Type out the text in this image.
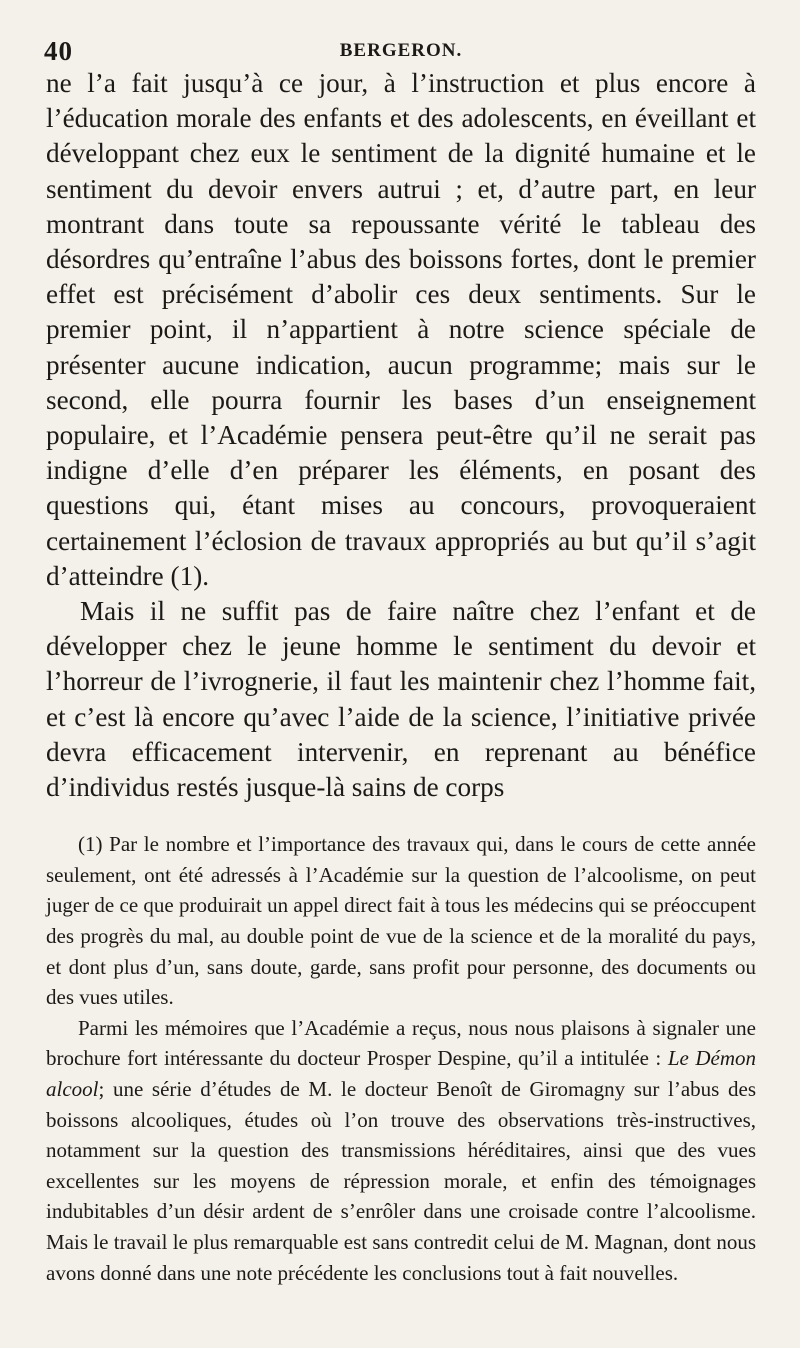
40	BERGERON.

ne l’a fait jusqu’à ce jour, à l’instruction et plus encore à l’éducation morale des enfants et des adolescents, en éveillant et développant chez eux le sentiment de la dignité humaine et le sentiment du devoir envers autrui ; et, d’autre part, en leur montrant dans toute sa repoussante vérité le tableau des désordres qu’entraîne l’abus des boissons fortes, dont le premier effet est précisément d’abolir ces deux sentiments. Sur le premier point, il n’appartient à notre science spéciale de présenter aucune indication, aucun programme; mais sur le second, elle pourra fournir les bases d’un enseignement populaire, et l’Académie pensera peut-être qu’il ne serait pas indigne d’elle d’en préparer les éléments, en posant des questions qui, étant mises au concours, provoqueraient certainement l’éclosion de travaux appropriés au but qu’il s’agit d’atteindre (1).

Mais il ne suffit pas de faire naître chez l’enfant et de développer chez le jeune homme le sentiment du devoir et l’horreur de l’ivrognerie, il faut les maintenir chez l’homme fait, et c’est là encore qu’avec l’aide de la science, l’initiative privée devra efficacement intervenir, en reprenant au bénéfice d’individus restés jusque-là sains de corps

(1) Par le nombre et l’importance des travaux qui, dans le cours de cette année seulement, ont été adressés à l’Académie sur la question de l’alcoolisme, on peut juger de ce que produirait un appel direct fait à tous les médecins qui se préoccupent des progrès du mal, au double point de vue de la science et de la moralité du pays, et dont plus d’un, sans doute, garde, sans profit pour personne, des documents ou des vues utiles.

Parmi les mémoires que l’Académie a reçus, nous nous plaisons à signaler une brochure fort intéressante du docteur Prosper Despine, qu’il a intitulée : Le Démon alcool; une série d’études de M. le docteur Benoît de Giromagny sur l’abus des boissons alcooliques, études où l’on trouve des observations très-instructives, notamment sur la question des transmissions héréditaires, ainsi que des vues excellentes sur les moyens de répression morale, et enfin des témoignages indubitables d’un désir ardent de s’enrôler dans une croisade contre l’alcoolisme. Mais le travail le plus remarquable est sans contredit celui de M. Magnan, dont nous avons donné dans une note précédente les conclusions tout à fait nouvelles.
